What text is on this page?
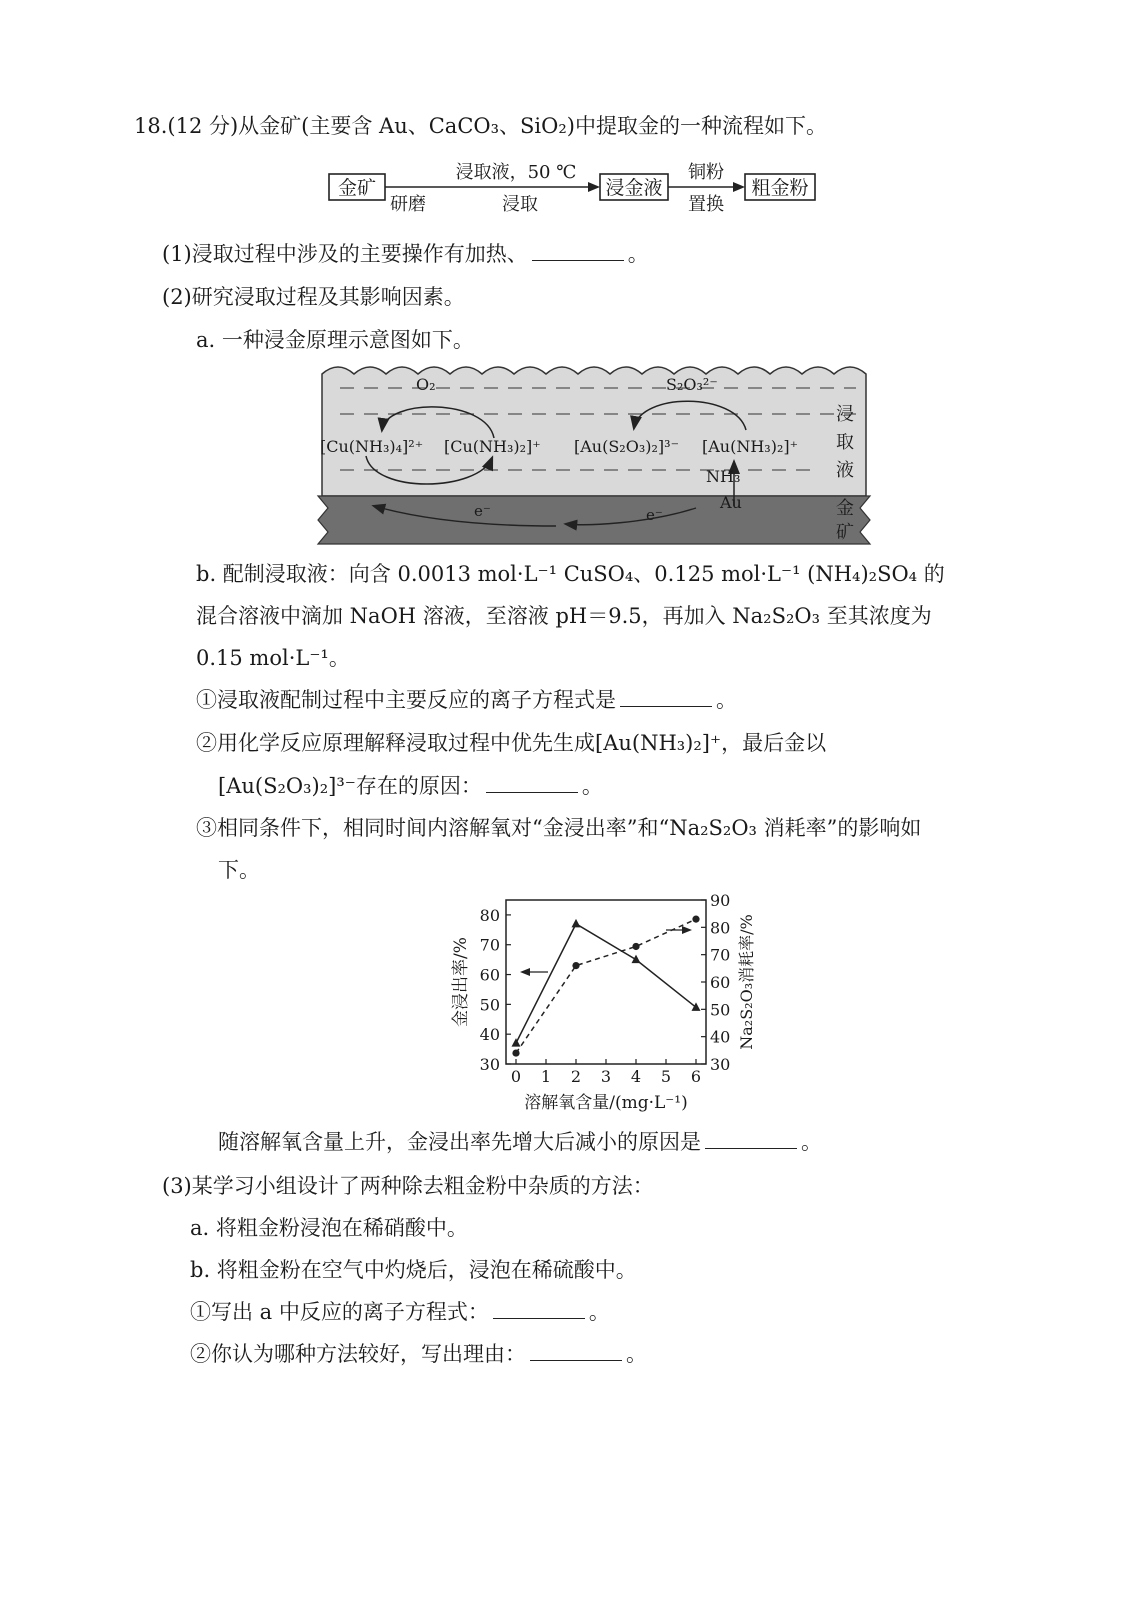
18.(12 分)从金矿(主要含 Au、CaCO₃、SiO₂)中提取金的一种流程如下。
金矿
研磨
浸取液，50 ℃
浸取
浸金液
铜粉
置换
粗金粉
(1)浸取过程中涉及的主要操作有加热、	。
(2)研究浸取过程及其影响因素。
a. 一种浸金原理示意图如下。
O₂	S₂O₃²⁻
[Cu(NH₃)₄]²⁺ [Cu(NH₃)₂]⁺ [Au(S₂O₃)₂]³⁻ [Au(NH₃)₂]⁺
NH₃
Au
e⁻	e⁻
浸
取
液
金
矿
b. 配制浸取液：向含 0.0013 mol·L⁻¹ CuSO₄、0.125 mol·L⁻¹ (NH₄)₂SO₄ 的
混合溶液中滴加 NaOH 溶液，至溶液 pH＝9.5，再加入 Na₂S₂O₃ 至其浓度为
0.15 mol·L⁻¹。
①浸取液配制过程中主要反应的离子方程式是	。
②用化学反应原理解释浸取过程中优先生成[Au(NH₃)₂]⁺，最后金以
[Au(S₂O₃)₂]³⁻存在的原因：	。
③相同条件下，相同时间内溶解氧对“金浸出率”和“Na₂S₂O₃ 消耗率”的影响如
下。
0 1 2 3 4 5 6
30
40
50
60
70
80
30
40
50
60
70
80
90
金浸出率/%	Na₂S₂O₃消耗率/%
溶解氧含量/(mg·L⁻¹)
随溶解氧含量上升，金浸出率先增大后减小的原因是	。
(3)某学习小组设计了两种除去粗金粉中杂质的方法：
a. 将粗金粉浸泡在稀硝酸中。
b. 将粗金粉在空气中灼烧后，浸泡在稀硫酸中。
①写出 a 中反应的离子方程式：	。
②你认为哪种方法较好，写出理由：	。
